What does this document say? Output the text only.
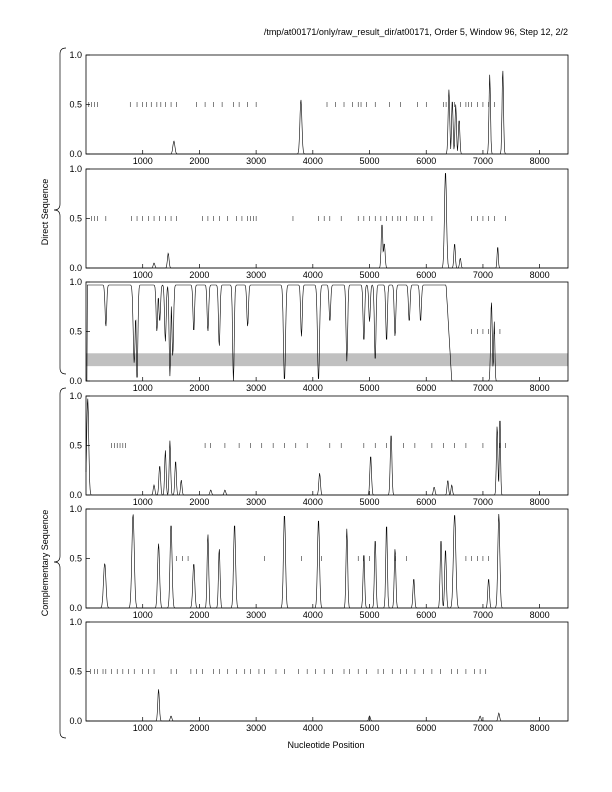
/tmp/at00171/only/raw_result_dir/at00171, Order 5, Window 96, Step 12, 2/2
0.0
0.5
1.0
1000	2000	3000	4000	5000	6000	7000	8000
0.0
0.5
1.0
1000	2000	3000	4000	5000	6000	7000	8000
0.0
0.5
1.0
1000	2000	3000	4000	5000	6000	7000	8000
0.0
0.5
1.0
1000	2000	3000	4000	5000	6000	7000	8000
0.0
0.5
1.0
1000	2000	3000	4000	5000	6000	7000	8000
0.0
0.5
1.0
1000	2000	3000	4000	5000	6000	7000	8000
Nucleotide Position
Direct Sequence
Complementary Sequence
